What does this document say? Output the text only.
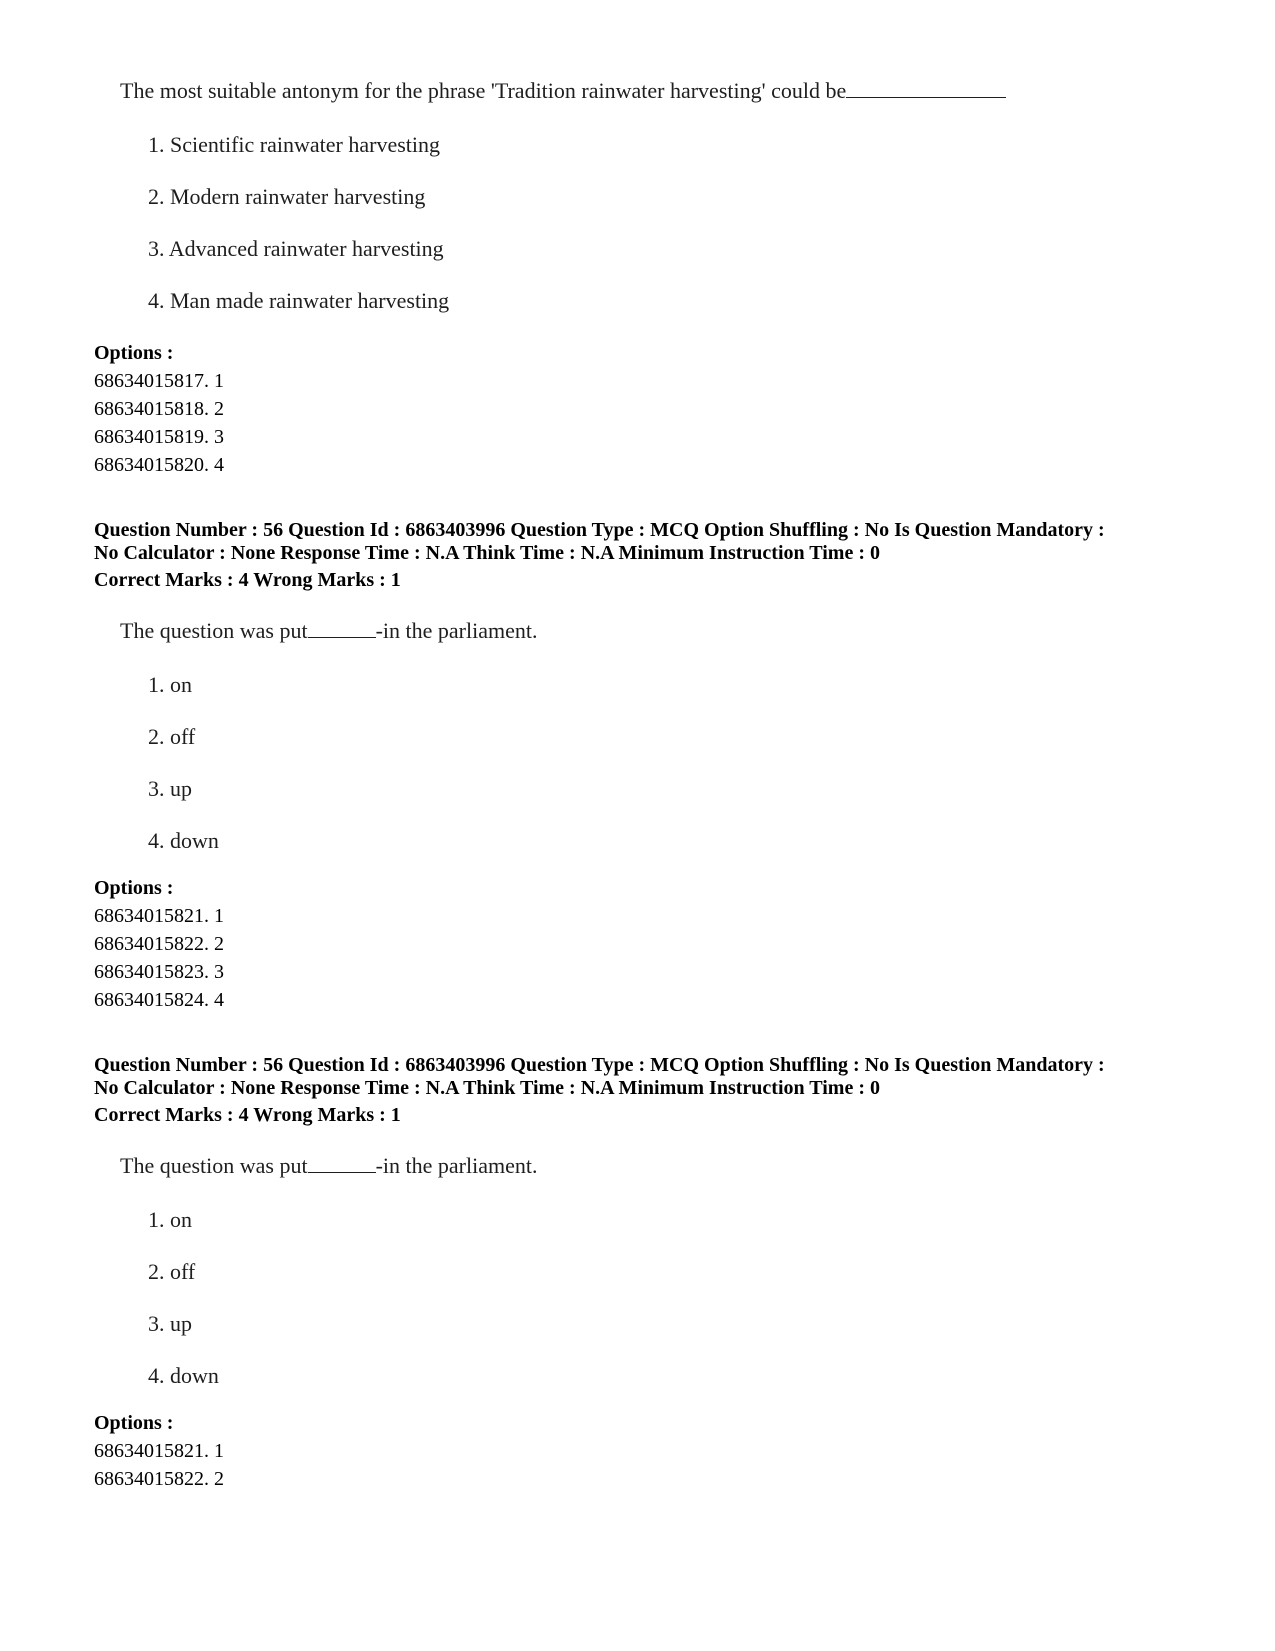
The most suitable antonym for the phrase 'Tradition rainwater harvesting' could be
1. Scientific rainwater harvesting
2. Modern rainwater harvesting
3. Advanced rainwater harvesting
4. Man made rainwater harvesting
Options :
68634015817. 1
68634015818. 2
68634015819. 3
68634015820. 4
Question Number : 56 Question Id : 6863403996 Question Type : MCQ Option Shuffling : No Is Question Mandatory :
No Calculator : None Response Time : N.A Think Time : N.A Minimum Instruction Time : 0
Correct Marks : 4 Wrong Marks : 1
The question was put	-in the parliament.
1. on
2. off
3. up
4. down
Options :
68634015821. 1
68634015822. 2
68634015823. 3
68634015824. 4
Question Number : 56 Question Id : 6863403996 Question Type : MCQ Option Shuffling : No Is Question Mandatory :
No Calculator : None Response Time : N.A Think Time : N.A Minimum Instruction Time : 0
Correct Marks : 4 Wrong Marks : 1
The question was put	-in the parliament.
1. on
2. off
3. up
4. down
Options :
68634015821. 1
68634015822. 2
